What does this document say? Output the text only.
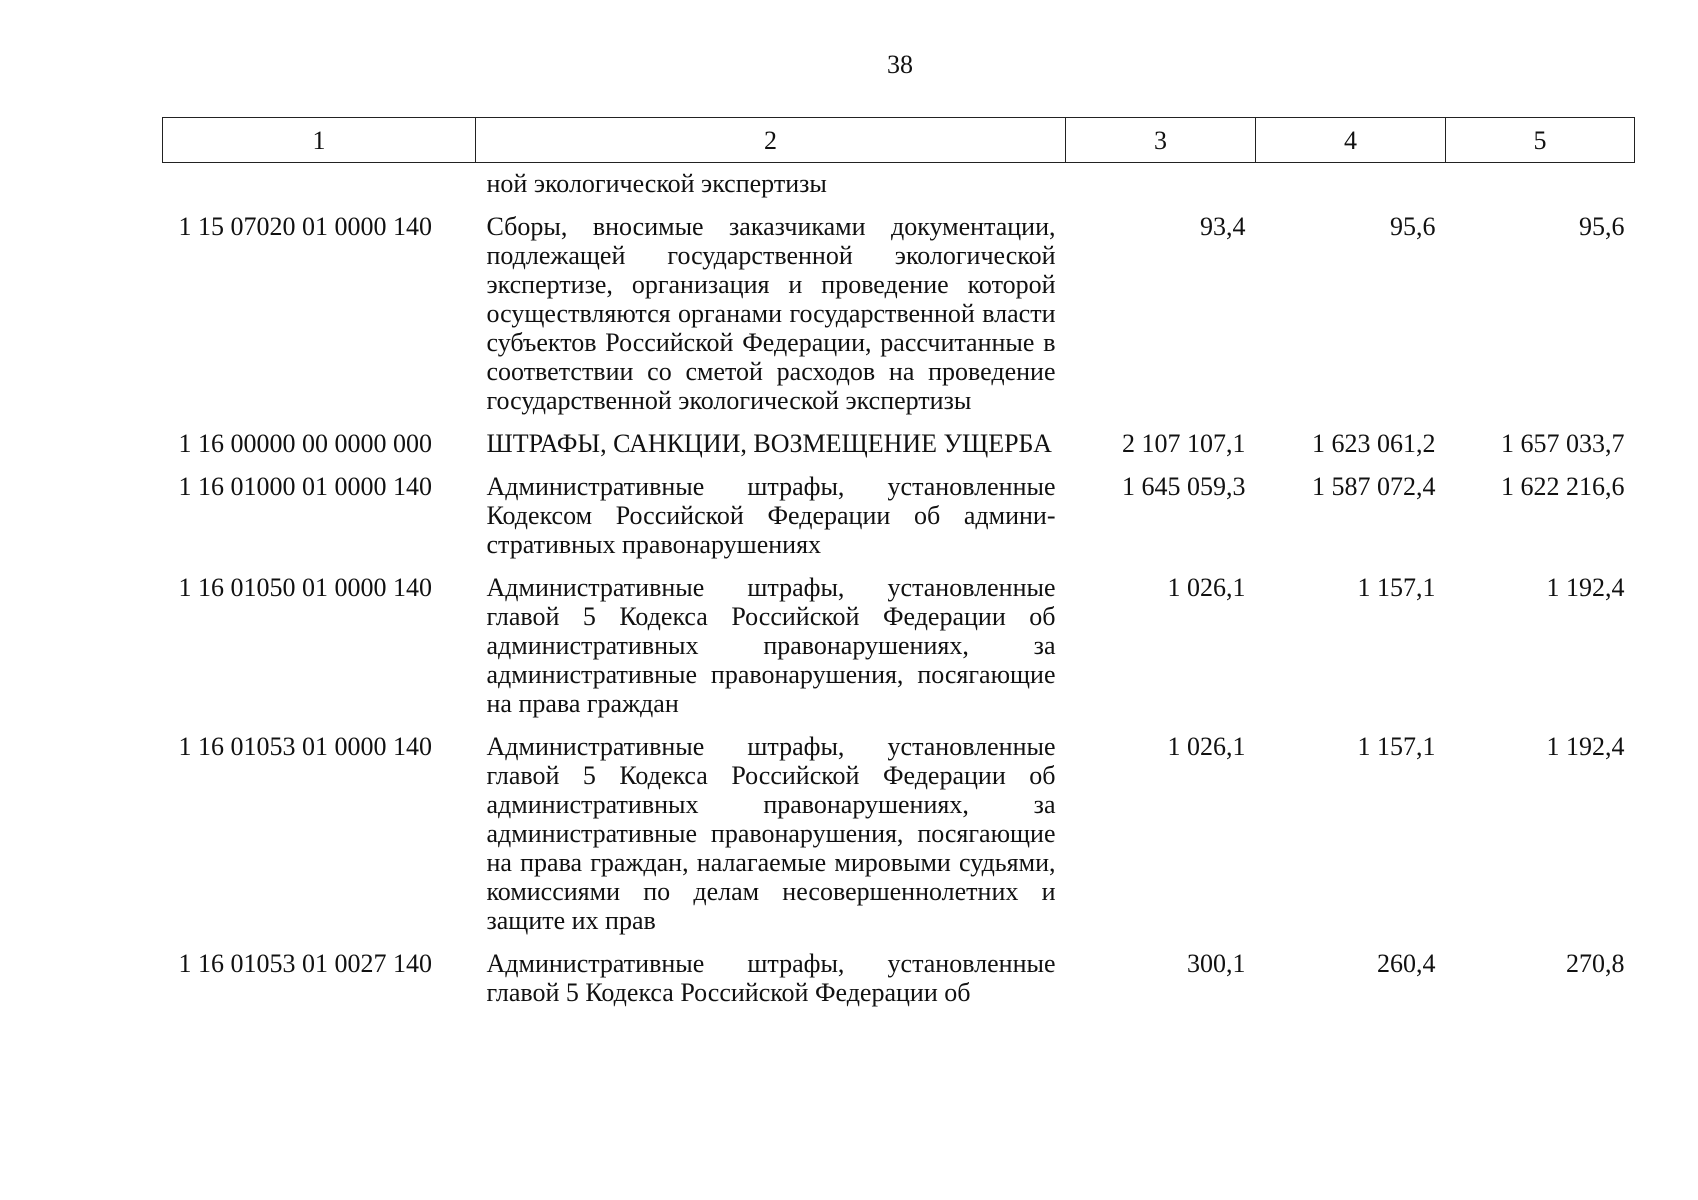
38
1	2	3	4	5
	ной экологической экспертизы			
1 15 07020 01 0000 140	Сборы, вносимые заказчиками документации, подлежащей государственной экологической экспертизе, организация и проведение которой осуществляются органами государственной власти субъектов Российской Федерации, рассчитанные в соответствии со сметой расходов на проведение государственной экологической экспертизы	93,4	95,6	95,6
1 16 00000 00 0000 000	ШТРАФЫ, САНКЦИИ, ВОЗМЕЩЕНИЕ УЩЕРБА	2 107 107,1	1 623 061,2	1 657 033,7
1 16 01000 01 0000 140	Административные штрафы, установленные Кодексом Российской Федерации об административных правонарушениях	1 645 059,3	1 587 072,4	1 622 216,6
1 16 01050 01 0000 140	Административные штрафы, установленные главой 5 Кодекса Российской Федерации об административных правонарушениях, за административные правонарушения, посягающие на права граждан	1 026,1	1 157,1	1 192,4
1 16 01053 01 0000 140	Административные штрафы, установленные главой 5 Кодекса Российской Федерации об административных правонарушениях, за административные правонарушения, посягающие на права граждан, налагаемые мировыми судьями, комиссиями по делам несовершеннолетних и защите их прав	1 026,1	1 157,1	1 192,4
1 16 01053 01 0027 140	Административные штрафы, установленные главой 5 Кодекса Российской Федерации об	300,1	260,4	270,8
